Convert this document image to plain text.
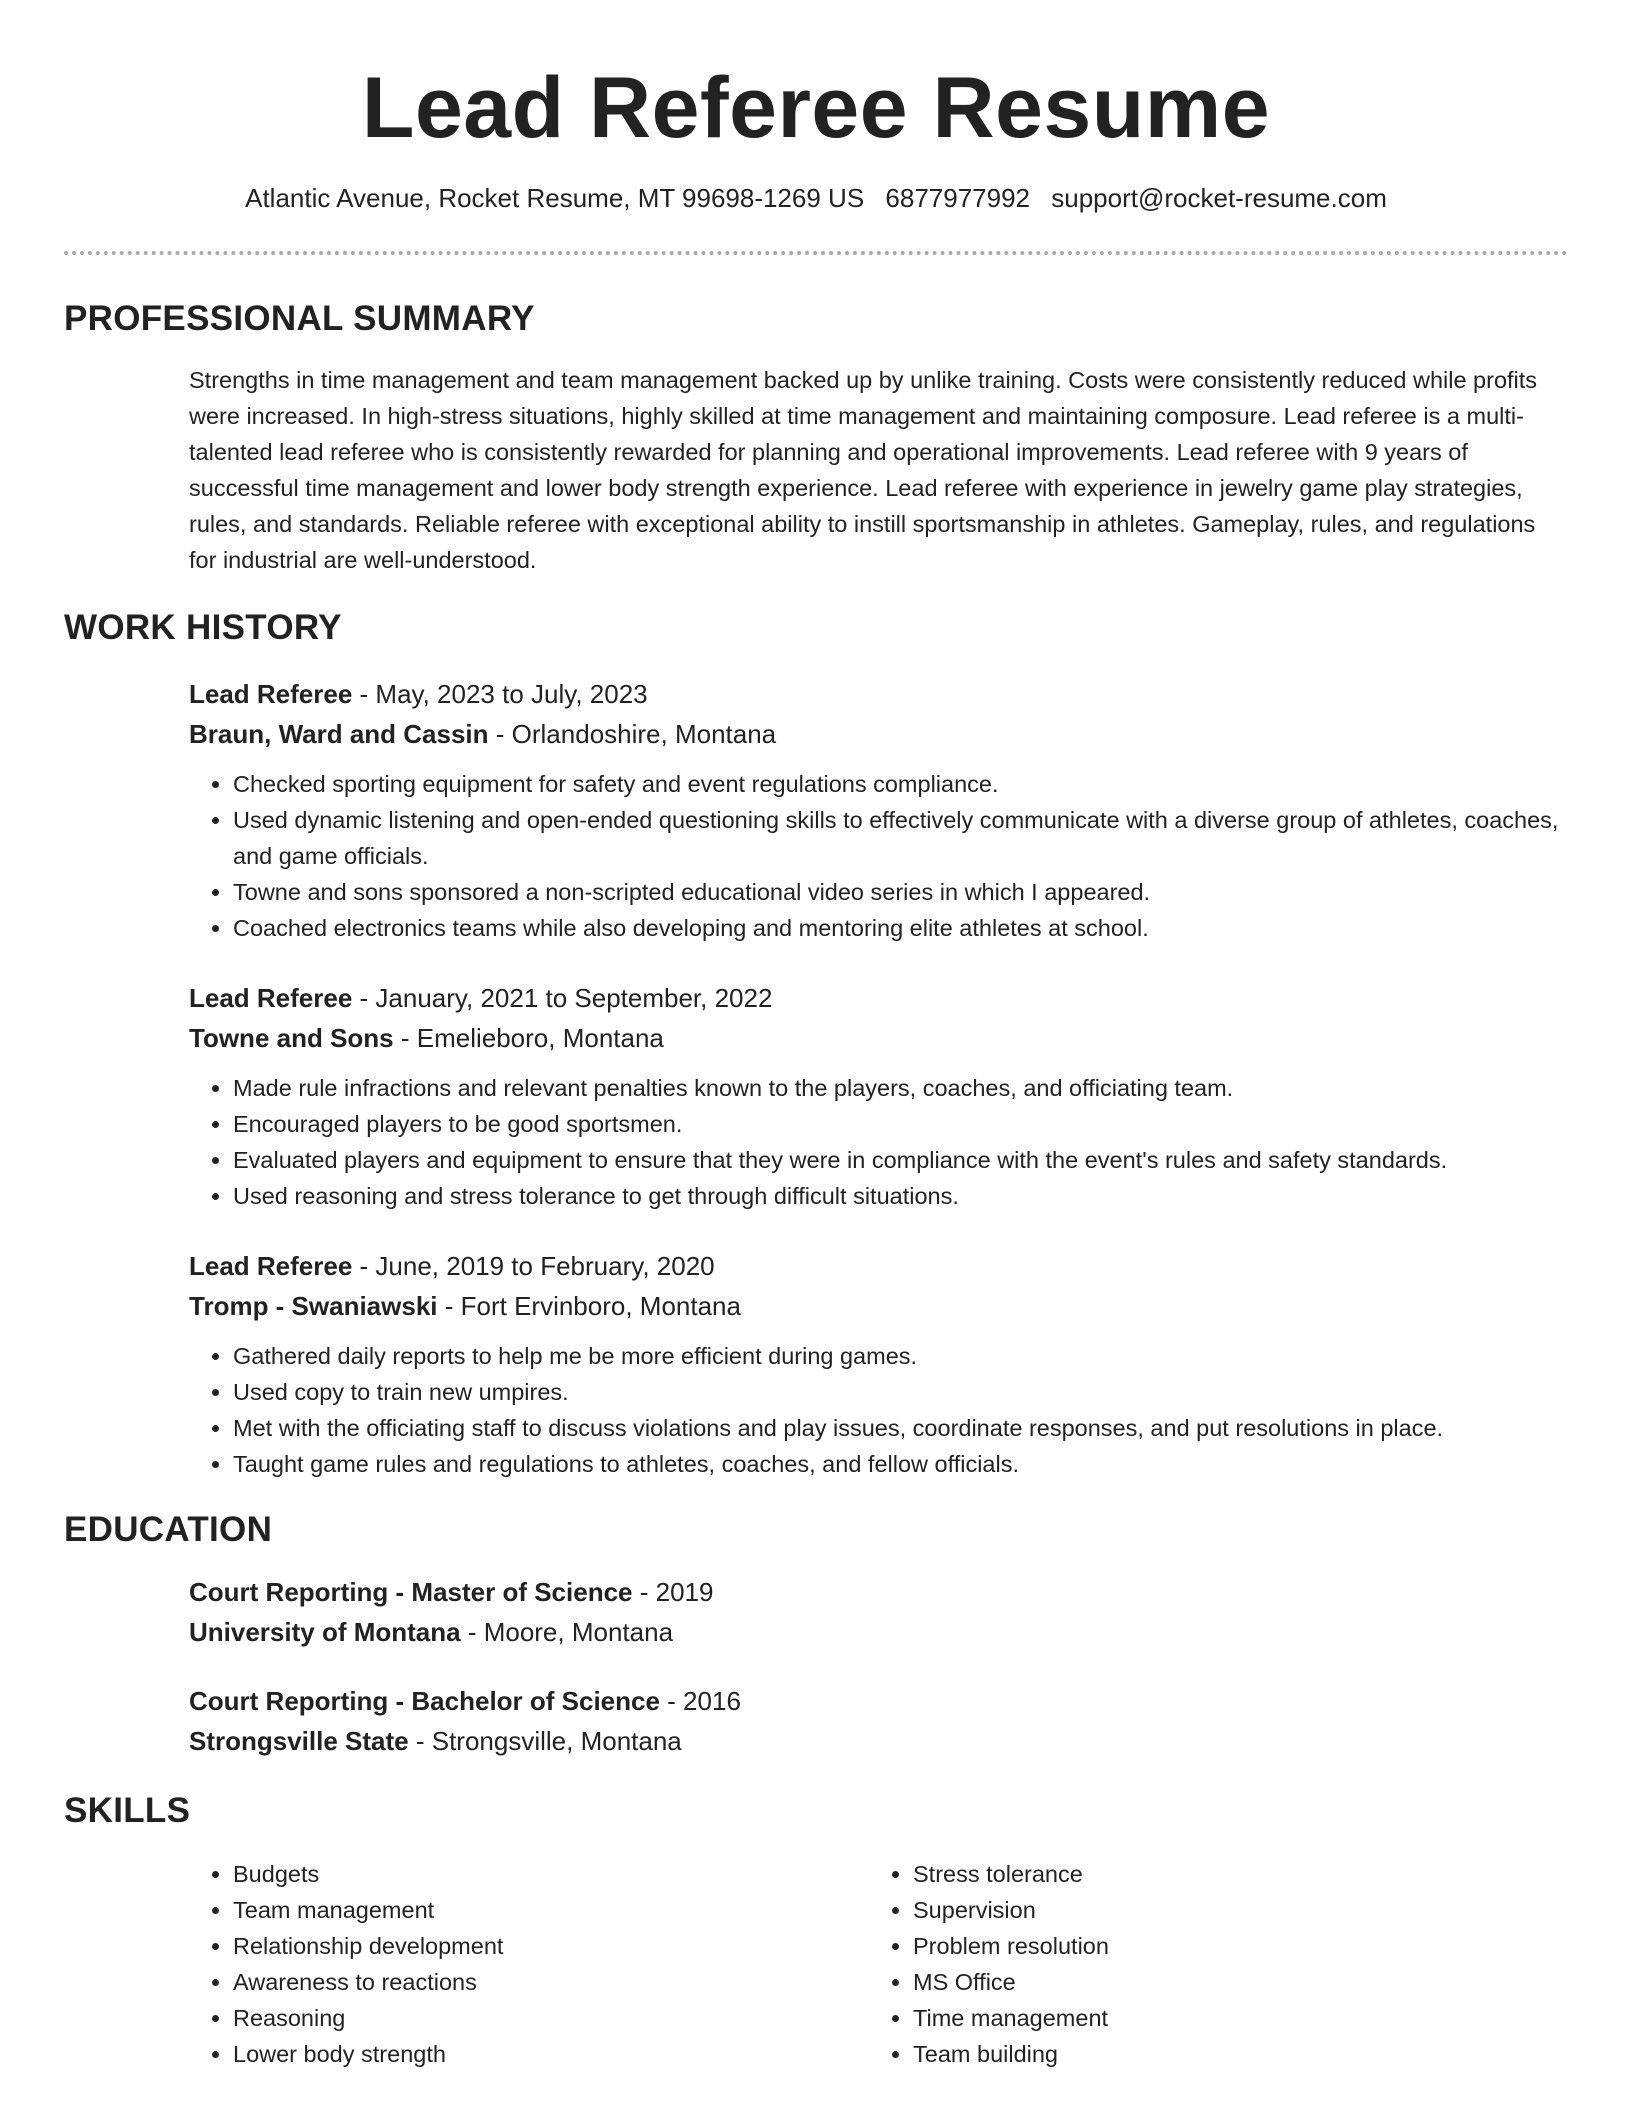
Lead Referee Resume
Atlantic Avenue, Rocket Resume, MT 99698-1269 US 6877977992 support@rocket-resume.com
PROFESSIONAL SUMMARY

Strengths in time management and team management backed up by unlike training. Costs were consistently reduced while profits were increased. In high-stress situations, highly skilled at time management and maintaining composure. Lead referee is a multi-talented lead referee who is consistently rewarded for planning and operational improvements. Lead referee with 9 years of successful time management and lower body strength experience. Lead referee with experience in jewelry game play strategies, rules, and standards. Reliable referee with exceptional ability to instill sportsmanship in athletes. Gameplay, rules, and regulations for industrial are well-understood.

WORK HISTORY

Lead Referee - May, 2023 to July, 2023

Braun, Ward and Cassin - Orlandoshire, Montana

• Checked sporting equipment for safety and event regulations compliance.
• Used dynamic listening and open-ended questioning skills to effectively communicate with a diverse group of athletes, coaches, and game officials.
• Towne and sons sponsored a non-scripted educational video series in which I appeared.
• Coached electronics teams while also developing and mentoring elite athletes at school.

Lead Referee - January, 2021 to September, 2022

Towne and Sons - Emelieboro, Montana

• Made rule infractions and relevant penalties known to the players, coaches, and officiating team.
• Encouraged players to be good sportsmen.
• Evaluated players and equipment to ensure that they were in compliance with the event's rules and safety standards.
• Used reasoning and stress tolerance to get through difficult situations.

Lead Referee - June, 2019 to February, 2020

Tromp - Swaniawski - Fort Ervinboro, Montana

• Gathered daily reports to help me be more efficient during games.
• Used copy to train new umpires.
• Met with the officiating staff to discuss violations and play issues, coordinate responses, and put resolutions in place.
• Taught game rules and regulations to athletes, coaches, and fellow officials.
EDUCATION

Court Reporting - Master of Science - 2019

University of Montana - Moore, Montana

Court Reporting - Bachelor of Science - 2016

Strongsville State - Strongsville, Montana

SKILLS
• Budgets
• Team management
• Relationship development
• Awareness to reactions
• Reasoning
• Lower body strength
• Stress tolerance
• Supervision
• Problem resolution
• MS Office
• Time management
• Team building
